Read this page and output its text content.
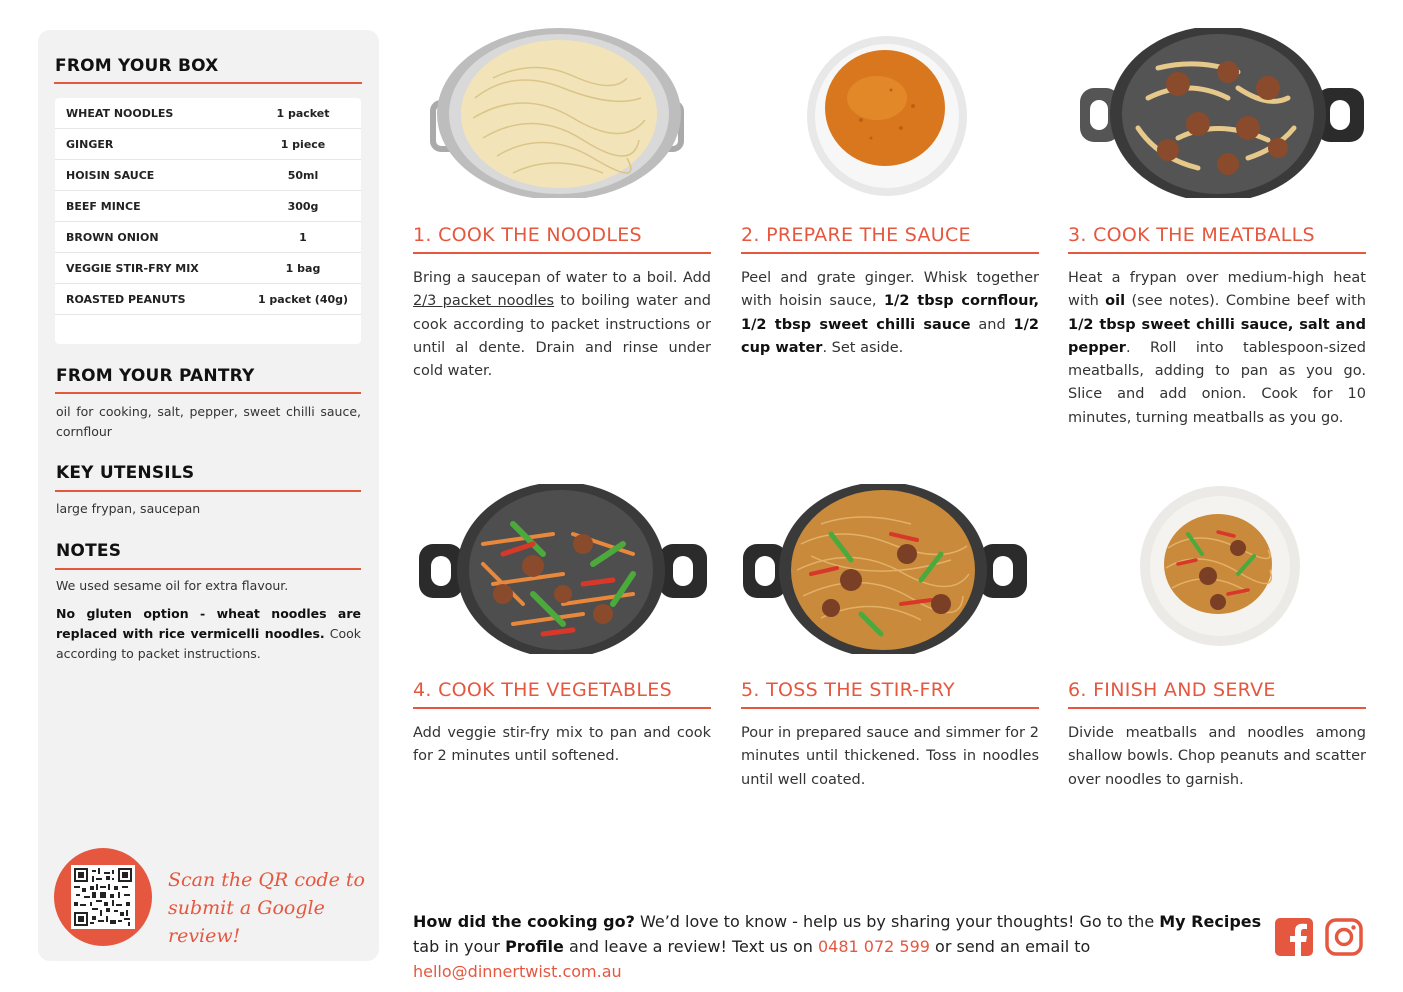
FROM YOUR BOX
WHEAT NOODLES	1 packet
GINGER	1 piece
HOISIN SAUCE	50ml
BEEF MINCE	300g
BROWN ONION	1
VEGGIE STIR-FRY MIX	1 bag
ROASTED PEANUTS	1 packet (40g)
FROM YOUR PANTRY
oil for cooking, salt, pepper, sweet chilli sauce, cornflour
KEY UTENSILS
large frypan, saucepan
NOTES
We used sesame oil for extra flavour.
No gluten option - wheat noodles are replaced with rice vermicelli noodles. Cook according to packet instructions.
Scan the QR code to
submit a Google review!
1. COOK THE NOODLES
Bring a saucepan of water to a boil. Add 2/3 packet noodles to boiling water and cook according to packet instructions or until al dente. Drain and rinse under cold water.
2. PREPARE THE SAUCE
Peel and grate ginger. Whisk together with hoisin sauce, 1/2 tbsp cornflour, 1/2 tbsp sweet chilli sauce and 1/2 cup water. Set aside.
3. COOK THE MEATBALLS
Heat a frypan over medium-high heat with oil (see notes). Combine beef with 1/2 tbsp sweet chilli sauce, salt and pepper. Roll into tablespoon-sized meatballs, adding to pan as you go. Slice and add onion. Cook for 10 minutes, turning meatballs as you go.
4. COOK THE VEGETABLES
Add veggie stir-fry mix to pan and cook for 2 minutes until softened.
5. TOSS THE STIR-FRY
Pour in prepared sauce and simmer for 2 minutes until thickened. Toss in noodles until well coated.
6. FINISH AND SERVE
Divide meatballs and noodles among shallow bowls. Chop peanuts and scatter over noodles to garnish.
How did the cooking go? We’d love to know - help us by sharing your thoughts! Go to the My Recipes tab in your Profile and leave a review! Text us on 0481 072 599 or send an email to hello@dinnertwist.com.au
